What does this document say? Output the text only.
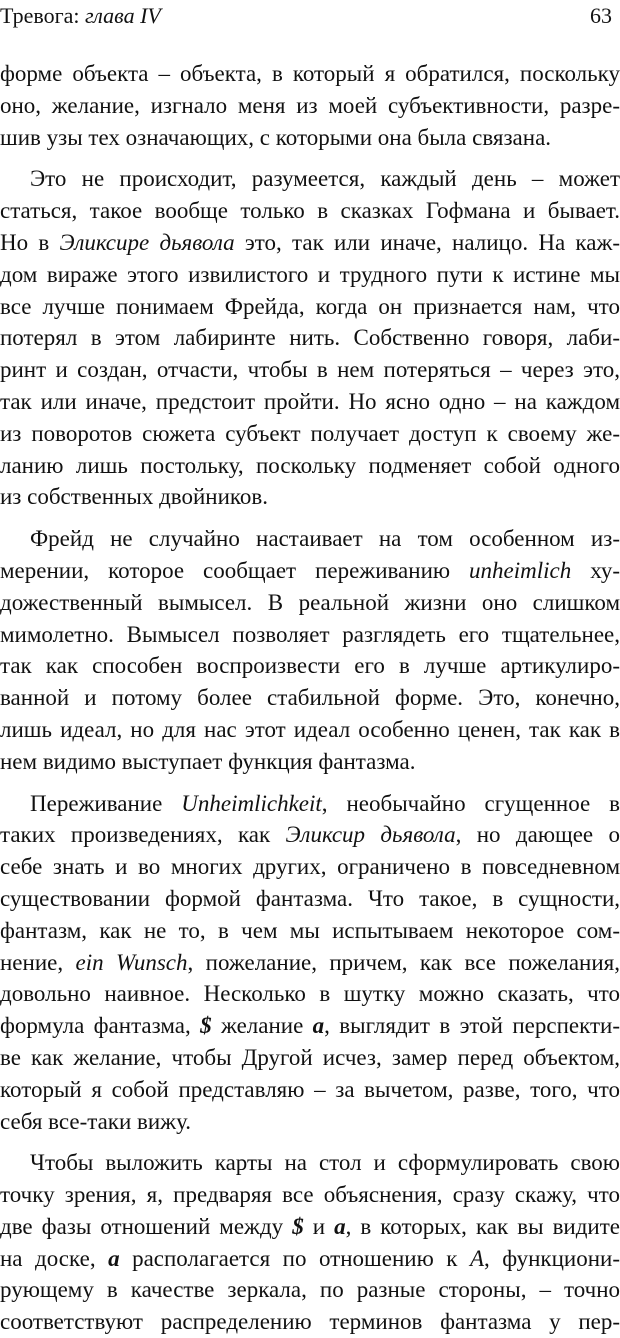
Тревога: глава IV	63
форме объекта – объекта, в который я обратился, поскольку
оно, желание, изгнало меня из моей субъективности, разре-
шив узы тех означающих, с которыми она была связана.
Это не происходит, разумеется, каждый день – может
статься, такое вообще только в сказках Гофмана и бывает.
Но в Эликсире дьявола это, так или иначе, налицо. На каж-
дом вираже этого извилистого и трудного пути к истине мы
все лучше понимаем Фрейда, когда он признается нам, что
потерял в этом лабиринте нить. Собственно говоря, лаби-
ринт и создан, отчасти, чтобы в нем потеряться – через это,
так или иначе, предстоит пройти. Но ясно одно – на каждом
из поворотов сюжета субъект получает доступ к своему же-
ланию лишь постольку, поскольку подменяет собой одного
из собственных двойников.
Фрейд не случайно настаивает на том особенном из-
мерении, которое сообщает переживанию unheimlich ху-
дожественный вымысел. В реальной жизни оно слишком
мимолетно. Вымысел позволяет разглядеть его тщательнее,
так как способен воспроизвести его в лучше артикулиро-
ванной и потому более стабильной форме. Это, конечно,
лишь идеал, но для нас этот идеал особенно ценен, так как в
нем видимо выступает функция фантазма.
Переживание Unheimlichkeit, необычайно сгущенное в
таких произведениях, как Эликсир дьявола, но дающее о
себе знать и во многих других, ограничено в повседневном
существовании формой фантазма. Что такое, в сущности,
фантазм, как не то, в чем мы испытываем некоторое сом-
нение, ein Wunsch, пожелание, причем, как все пожелания,
довольно наивное. Несколько в шутку можно сказать, что
формула фантазма, $ желание a, выглядит в этой перспекти-
ве как желание, чтобы Другой исчез, замер перед объектом,
который я собой представляю – за вычетом, разве, того, что
себя все-таки вижу.
Чтобы выложить карты на стол и сформулировать свою
точку зрения, я, предваряя все объяснения, сразу скажу, что
две фазы отношений между $ и a, в которых, как вы видите
на доске, a располагается по отношению к A, функциони-
рующему в качестве зеркала, по разные стороны, – точно
соответствуют распределению терминов фантазма у пер-
